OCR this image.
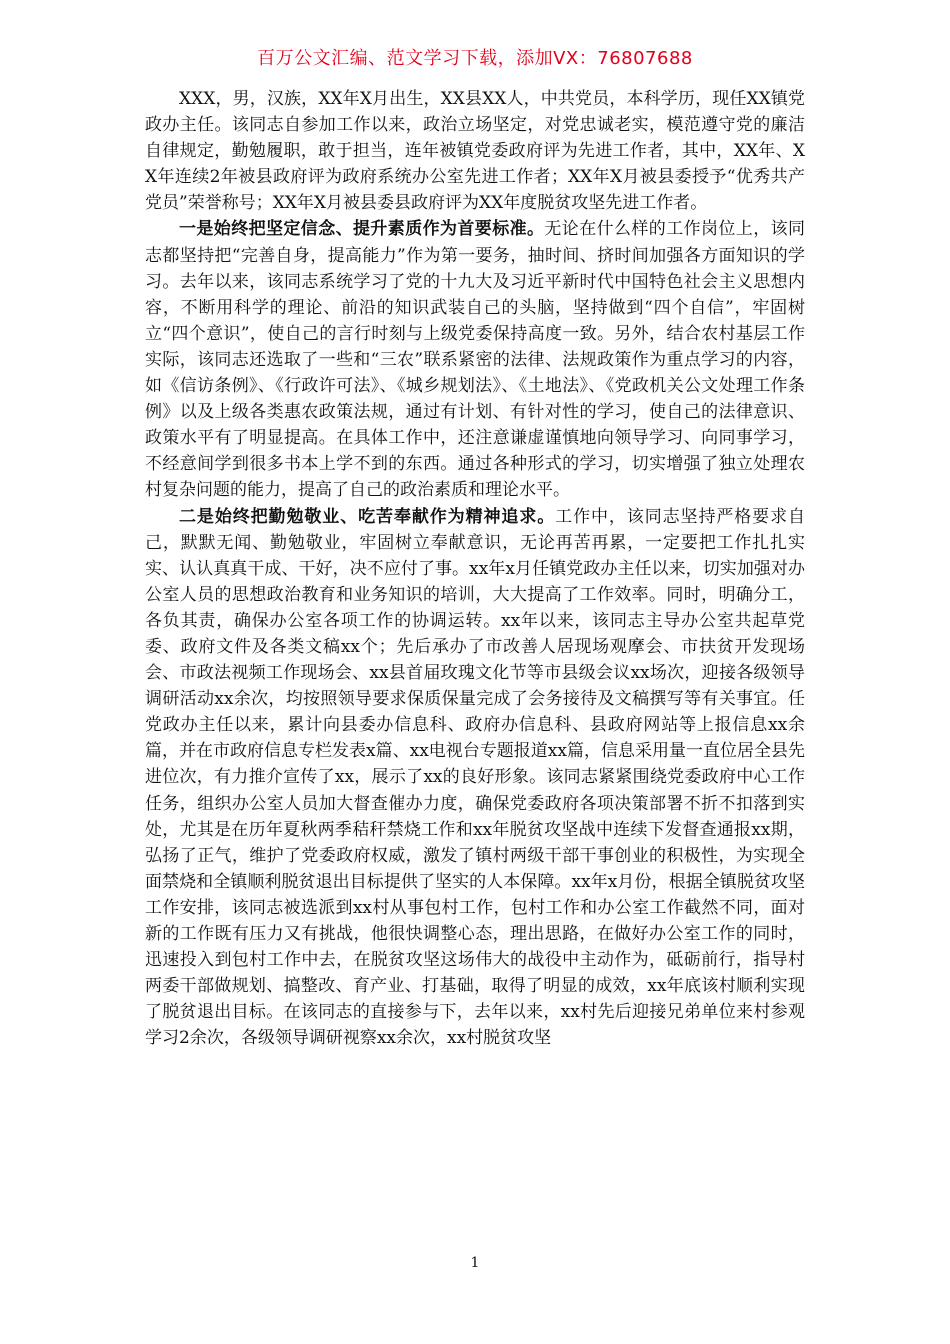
百万公文汇编、范文学习下载，添加VX：76807688

XXX，男，汉族，XX年X月出生，XX县XX人，中共党员，本科学历，现任XX镇党政办主任。该同志自参加工作以来，政治立场坚定，对党忠诚老实，模范遵守党的廉洁自律规定，勤勉履职，敢于担当，连年被镇党委政府评为先进工作者，其中，XX年、XX年连续2年被县政府评为政府系统办公室先进工作者；XX年X月被县委授予“优秀共产党员”荣誉称号；XX年X月被县委县政府评为XX年度脱贫攻坚先进工作者。

一是始终把坚定信念、提升素质作为首要标准。无论在什么样的工作岗位上，该同志都坚持把“完善自身，提高能力”作为第一要务，抽时间、挤时间加强各方面知识的学习。去年以来，该同志系统学习了党的十九大及习近平新时代中国特色社会主义思想内容，不断用科学的理论、前沿的知识武装自己的头脑，坚持做到“四个自信”，牢固树立“四个意识”，使自己的言行时刻与上级党委保持高度一致。另外，结合农村基层工作实际，该同志还选取了一些和“三农”联系紧密的法律、法规政策作为重点学习的内容，如《信访条例》、《行政许可法》、《城乡规划法》、《土地法》、《党政机关公文处理工作条例》以及上级各类惠农政策法规，通过有计划、有针对性的学习，使自己的法律意识、政策水平有了明显提高。在具体工作中，还注意谦虚谨慎地向领导学习、向同事学习，不经意间学到很多书本上学不到的东西。通过各种形式的学习，切实增强了独立处理农村复杂问题的能力，提高了自己的政治素质和理论水平。

二是始终把勤勉敬业、吃苦奉献作为精神追求。工作中，该同志坚持严格要求自己，默默无闻、勤勉敬业，牢固树立奉献意识，无论再苦再累，一定要把工作扎扎实实、认认真真干成、干好，决不应付了事。xx年x月任镇党政办主任以来，切实加强对办公室人员的思想政治教育和业务知识的培训，大大提高了工作效率。同时，明确分工，各负其责，确保办公室各项工作的协调运转。xx年以来，该同志主导办公室共起草党委、政府文件及各类文稿xx个；先后承办了市改善人居现场观摩会、市扶贫开发现场会、市政法视频工作现场会、xx县首届玫瑰文化节等市县级会议xx场次，迎接各级领导调研活动xx余次，均按照领导要求保质保量完成了会务接待及文稿撰写等有关事宜。任党政办主任以来，累计向县委办信息科、政府办信息科、县政府网站等上报信息xx余篇，并在市政府信息专栏发表x篇、xx电视台专题报道xx篇，信息采用量一直位居全县先进位次，有力推介宣传了xx，展示了xx的良好形象。该同志紧紧围绕党委政府中心工作任务，组织办公室人员加大督查催办力度，确保党委政府各项决策部署不折不扣落到实处，尤其是在历年夏秋两季秸秆禁烧工作和xx年脱贫攻坚战中连续下发督查通报xx期，弘扬了正气，维护了党委政府权威，激发了镇村两级干部干事创业的积极性，为实现全面禁烧和全镇顺利脱贫退出目标提供了坚实的人本保障。xx年x月份，根据全镇脱贫攻坚工作安排，该同志被选派到xx村从事包村工作，包村工作和办公室工作截然不同，面对新的工作既有压力又有挑战，他很快调整心态，理出思路，在做好办公室工作的同时，迅速投入到包村工作中去，在脱贫攻坚这场伟大的战役中主动作为，砥砺前行，指导村两委干部做规划、搞整改、育产业、打基础，取得了明显的成效，xx年底该村顺利实现了脱贫退出目标。在该同志的直接参与下，去年以来，xx村先后迎接兄弟单位来村参观学习2余次，各级领导调研视察xx余次，xx村脱贫攻坚

1
